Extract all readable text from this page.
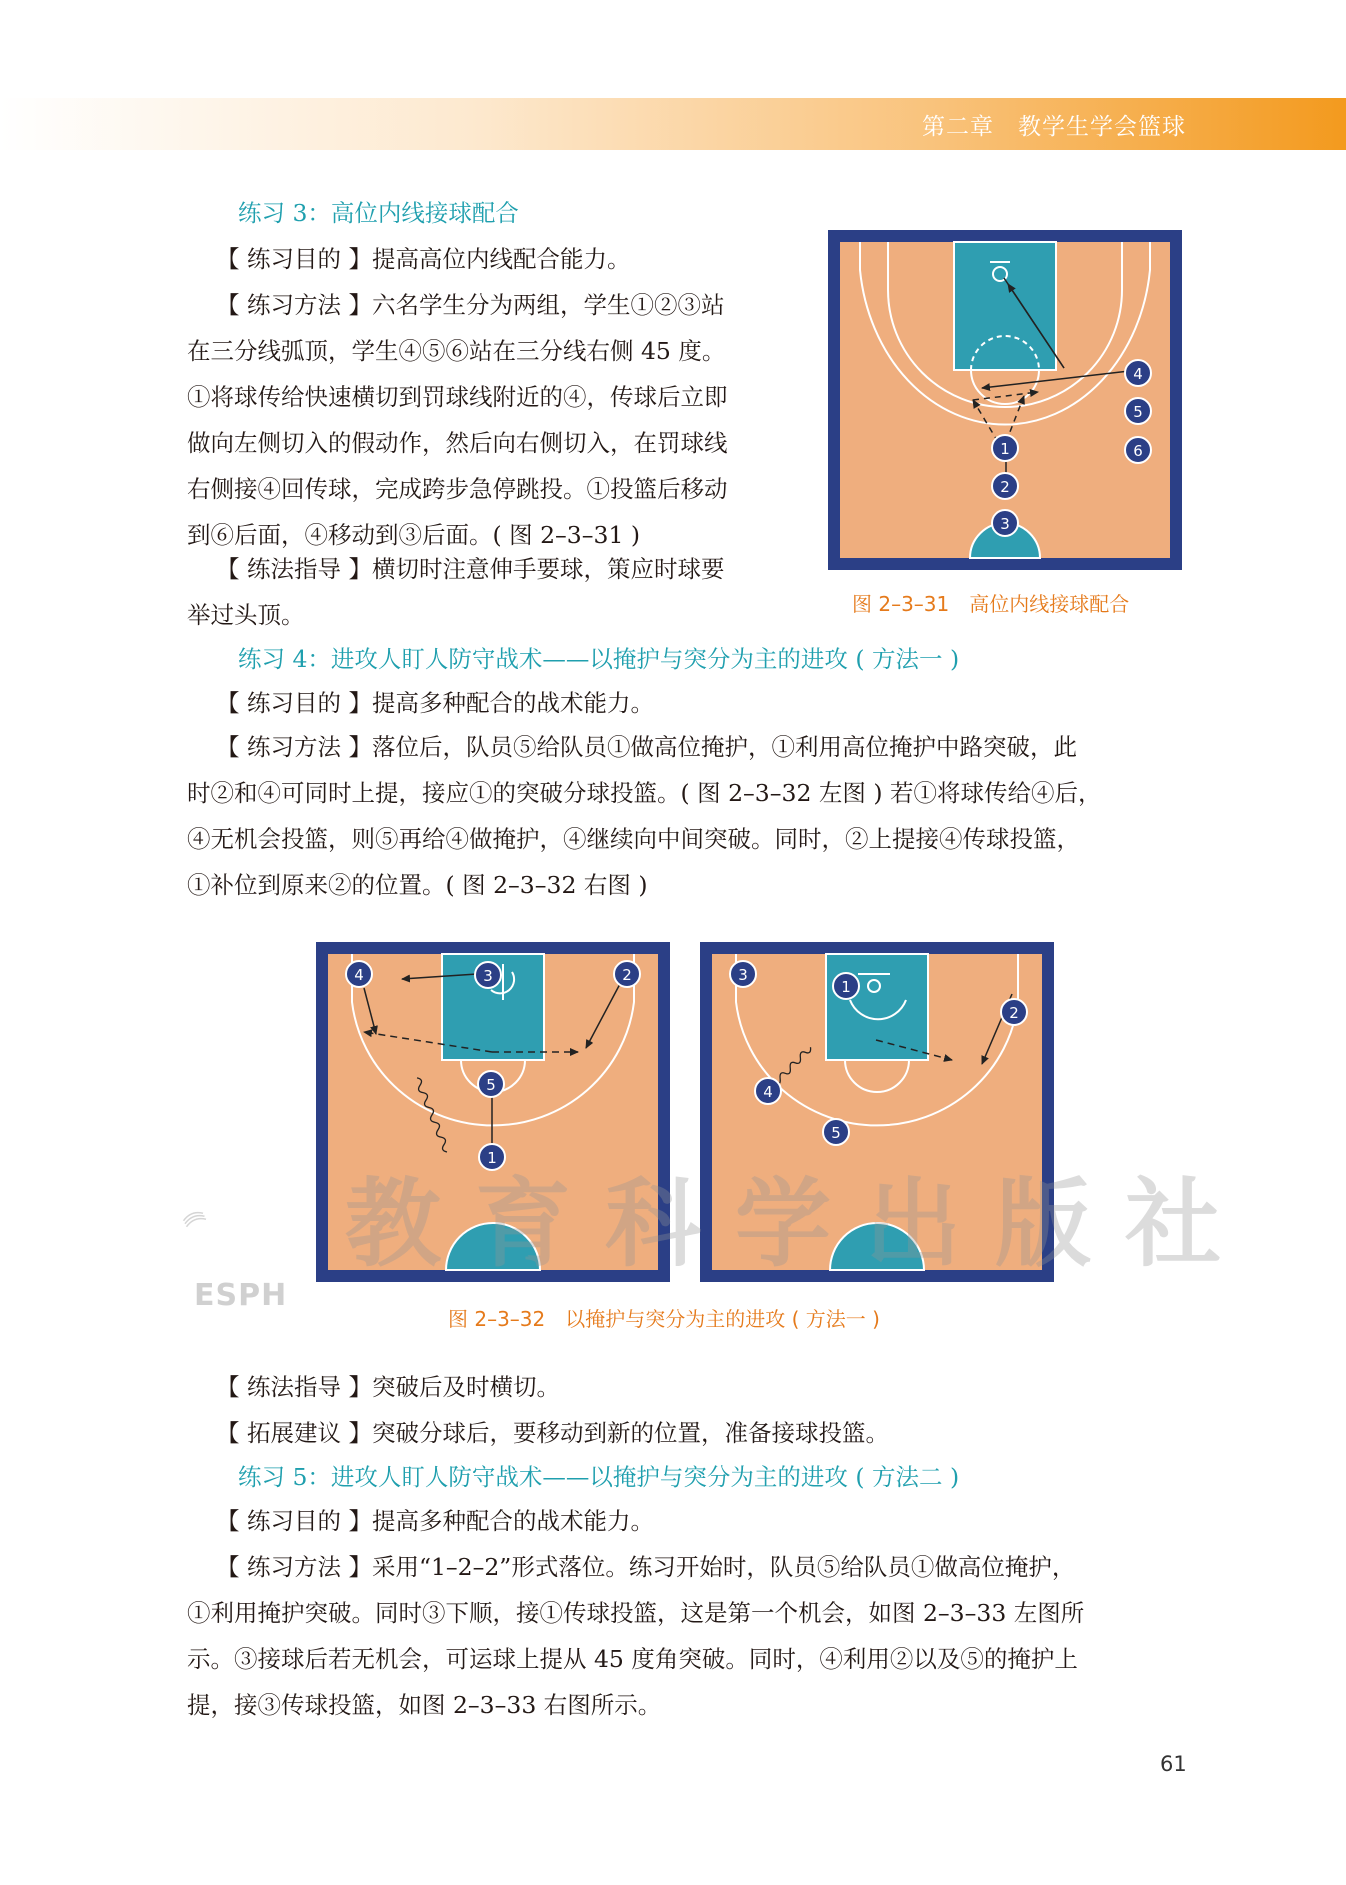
第二章　教学生学会篮球
练习 3：高位内线接球配合
【 练习目的 】提高高位内线配合能力。
【 练习方法 】六名学生分为两组，学生①②③站
在三分线弧顶，学生④⑤⑥站在三分线右侧 45 度。
①将球传给快速横切到罚球线附近的④，传球后立即
做向左侧切入的假动作，然后向右侧切入，在罚球线
右侧接④回传球，完成跨步急停跳投。①投篮后移动
到⑥后面，④移动到③后面。( 图 2–3–31 )
【 练法指导 】横切时注意伸手要球，策应时球要
举过头顶。
1
2
3
4
5
6
图 2–3–31　高位内线接球配合
练习 4：进攻人盯人防守战术——以掩护与突分为主的进攻 ( 方法一 )
【 练习目的 】提高多种配合的战术能力。
【 练习方法 】落位后，队员⑤给队员①做高位掩护，①利用高位掩护中路突破，此
时②和④可同时上提，接应①的突破分球投篮。( 图 2–3–32 左图 ) 若①将球传给④后，
④无机会投篮，则⑤再给④做掩护，④继续向中间突破。同时，②上提接④传球投篮，
①补位到原来②的位置。( 图 2–3–32 右图 )
1
2
3
4
5
1
2
3
4
5
ESPH
教育科学出版社
图 2–3–32　以掩护与突分为主的进攻 ( 方法一 )
【 练法指导 】突破后及时横切。
【 拓展建议 】突破分球后，要移动到新的位置，准备接球投篮。
练习 5：进攻人盯人防守战术——以掩护与突分为主的进攻 ( 方法二 )
【 练习目的 】提高多种配合的战术能力。
【 练习方法 】采用“1–2–2”形式落位。练习开始时，队员⑤给队员①做高位掩护，
①利用掩护突破。同时③下顺，接①传球投篮，这是第一个机会，如图 2–3–33 左图所
示。③接球后若无机会，可运球上提从 45 度角突破。同时，④利用②以及⑤的掩护上
提，接③传球投篮，如图 2–3–33 右图所示。
61
